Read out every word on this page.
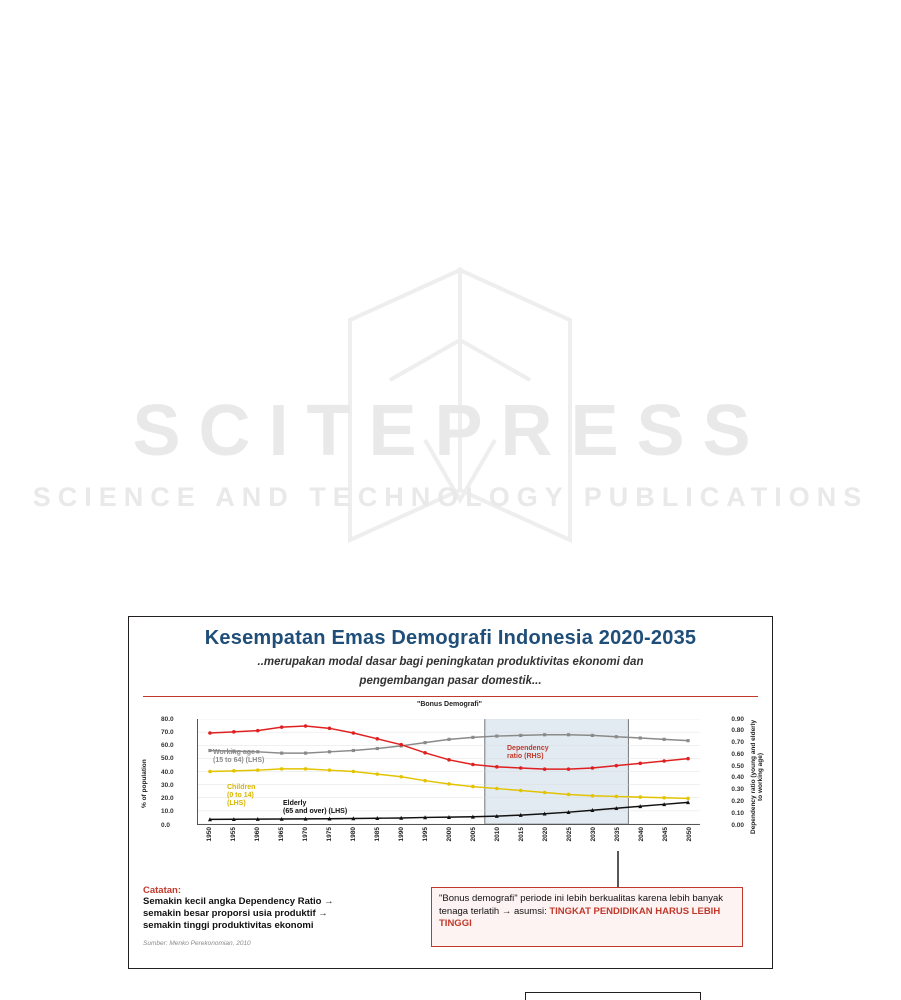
SCITEPRESS
SCIENCE AND TECHNOLOGY PUBLICATIONS
Kesempatan Emas Demografi Indonesia 2020-2035
..merupakan modal dasar bagi peningkatan produktivitas ekonomi dan
pengembangan pasar domestik...
"Bonus Demografi"
% of population	Dependency ratio (young and elderly to working age)
0.0
10.0
20.0
30.0
40.0
50.0
60.0
70.0
80.0
0.00
0.10
0.20
0.30
0.40
0.50
0.60
0.70
0.80
0.90
1950	1955	1960	1965	1970	1975	1980	1985	1990	1995	2000	2005	2010	2015	2020	2025	2030	2035	2040	2045	2050
Working age
(15 to 64) (LHS)
Children
(0 to 14)
(LHS)	Elderly
(65 and over) (LHS)
Dependency
ratio (RHS)
Catatan:
Semakin kecil angka Dependency Ratio →
semakin besar proporsi usia produktif →
semakin tinggi produktivitas ekonomi
Sumber: Menko Perekonomian, 2010
"Bonus demografi" periode ini lebih berkualitas karena lebih banyak tenaga terlatih → asumsi: TINGKAT PENDIDIKAN HARUS LEBIH TINGGI
